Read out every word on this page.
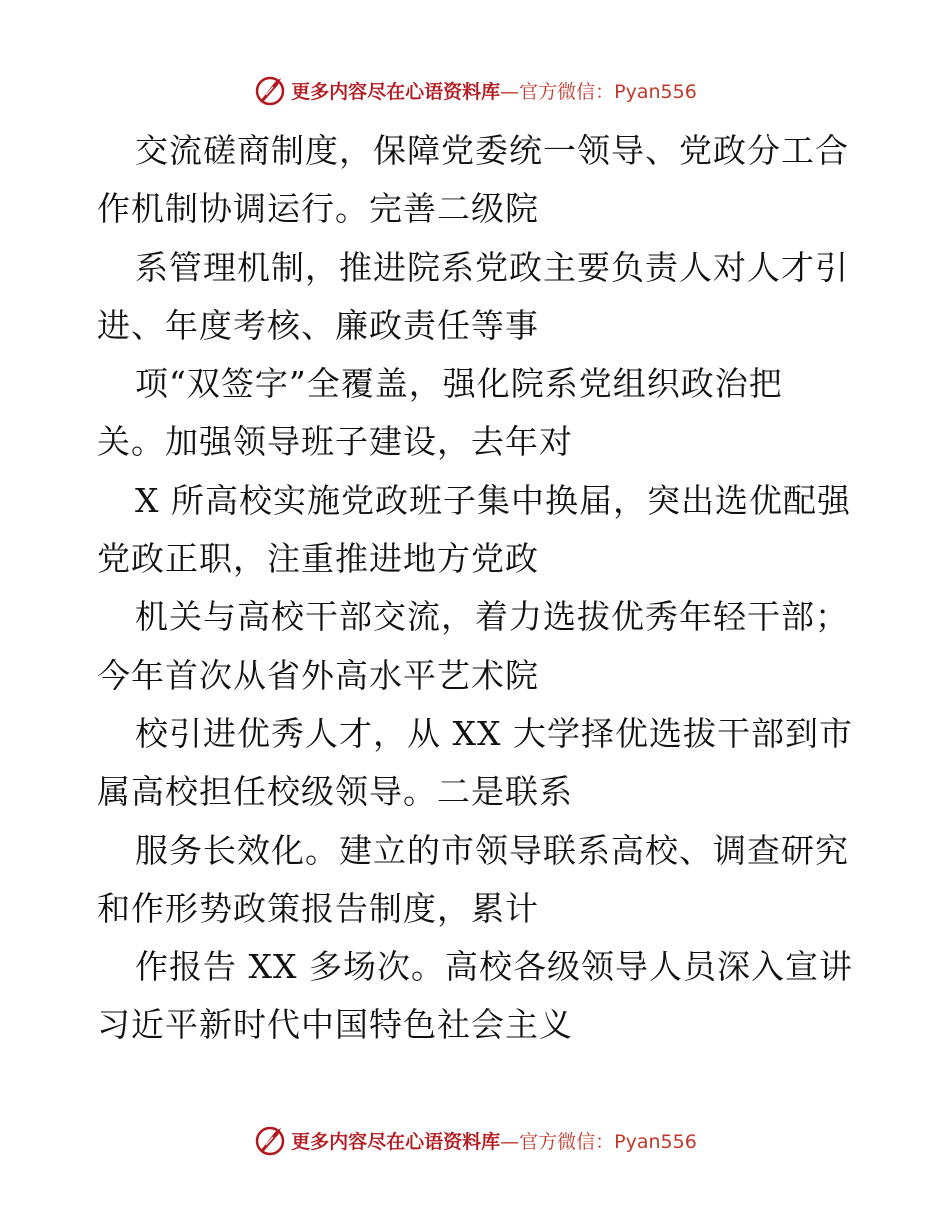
更多内容尽在心语资料库—官方微信：Pyan556
交流磋商制度，保障党委统一领导、党政分工合
作机制协调运行。完善二级院
系管理机制，推进院系党政主要负责人对人才引
进、年度考核、廉政责任等事
项“双签字”全覆盖，强化院系党组织政治把
关。加强领导班子建设，去年对
X 所高校实施党政班子集中换届，突出选优配强
党政正职，注重推进地方党政
机关与高校干部交流，着力选拔优秀年轻干部；
今年首次从省外高水平艺术院
校引进优秀人才，从 XX 大学择优选拔干部到市
属高校担任校级领导。二是联系
服务长效化。建立的市领导联系高校、调查研究
和作形势政策报告制度，累计
作报告 XX 多场次。高校各级领导人员深入宣讲
习近平新时代中国特色社会主义
更多内容尽在心语资料库—官方微信：Pyan556
